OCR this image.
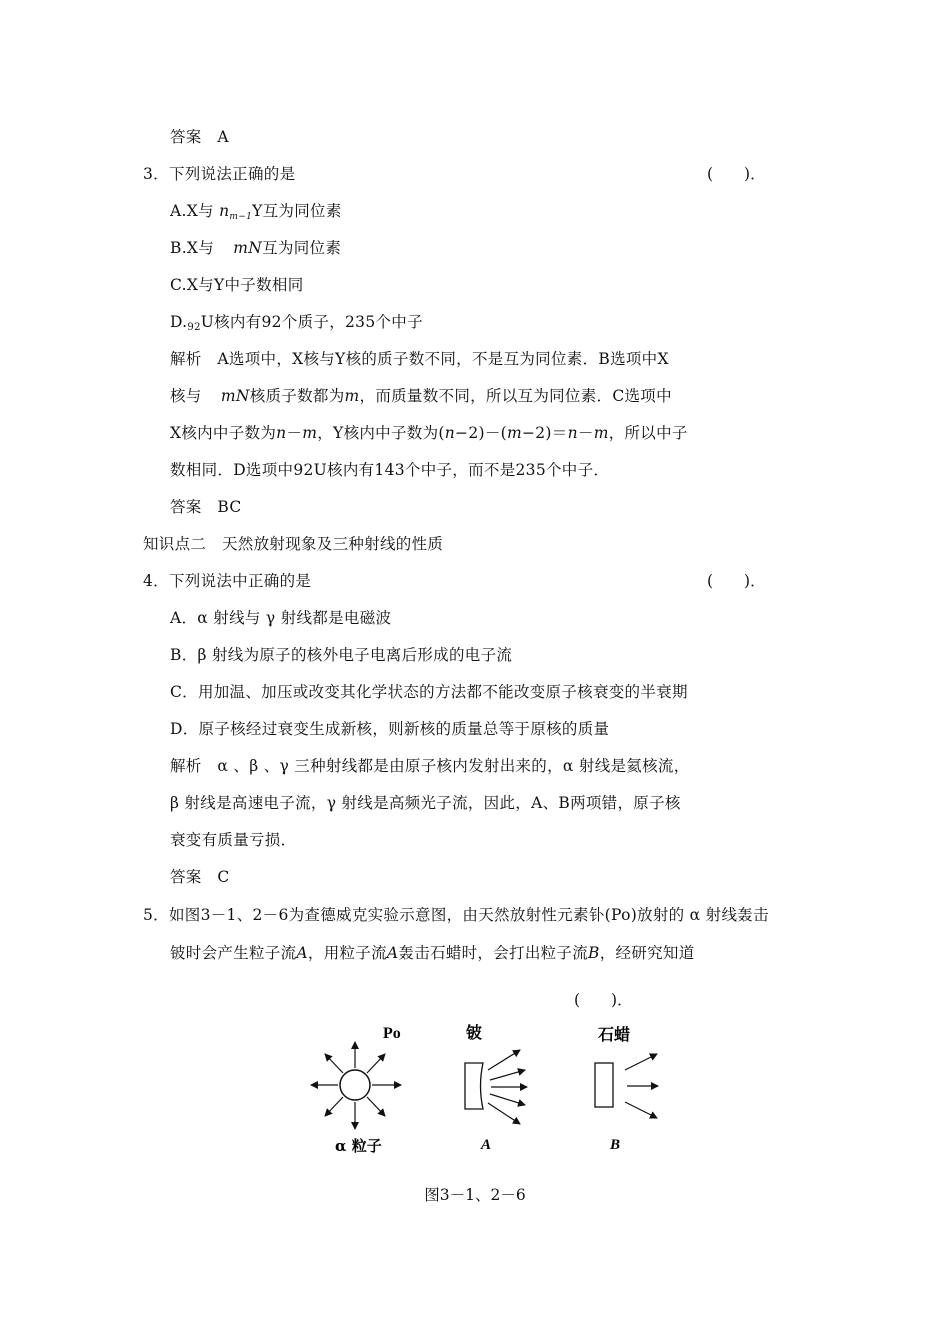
答案　 A
3．下列说法正确的是	(　　)．
A.X与 $n_{m-1}Y$互为同位素
B.X与 mN互为同位素
C.X与Y中子数相同
D.92U核内有92个质子，235个中子
解析　 A选项中，X核与Y核的质子数不同，不是互为同位素．B选项中X
核与 mN核质子数都为m，而质量数不同，所以互为同位素．C选项中
X核内中子数为n－m，Y核内中子数为(n−2)－(m−2)＝n－m，所以中子
数相同．D选项中92U核内有143个中子，而不是235个中子．
答案　 BC
知识点二　天然放射现象及三种射线的性质
4．下列说法中正确的是	(　　)．
A．α 射线与 γ 射线都是电磁波
B．β 射线为原子的核外电子电离后形成的电子流
C．用加温、加压或改变其化学状态的方法都不能改变原子核衰变的半衰期
D．原子核经过衰变生成新核，则新核的质量总等于原核的质量
解析　 α 、β 、γ 三种射线都是由原子核内发射出来的，α 射线是氦核流，
β 射线是高速电子流，γ 射线是高频光子流，因此，A、B两项错，原子核
衰变有质量亏损．
答案　 C
5．如图3－1、2－6为查德威克实验示意图，由天然放射性元素钋(Po)放射的 α 射线轰击
铍时会产生粒子流A，用粒子流A轰击石蜡时，会打出粒子流B，经研究知道
(　　)．
Po
α 粒子
铍
A
石蜡
B
图3－1、2－6
